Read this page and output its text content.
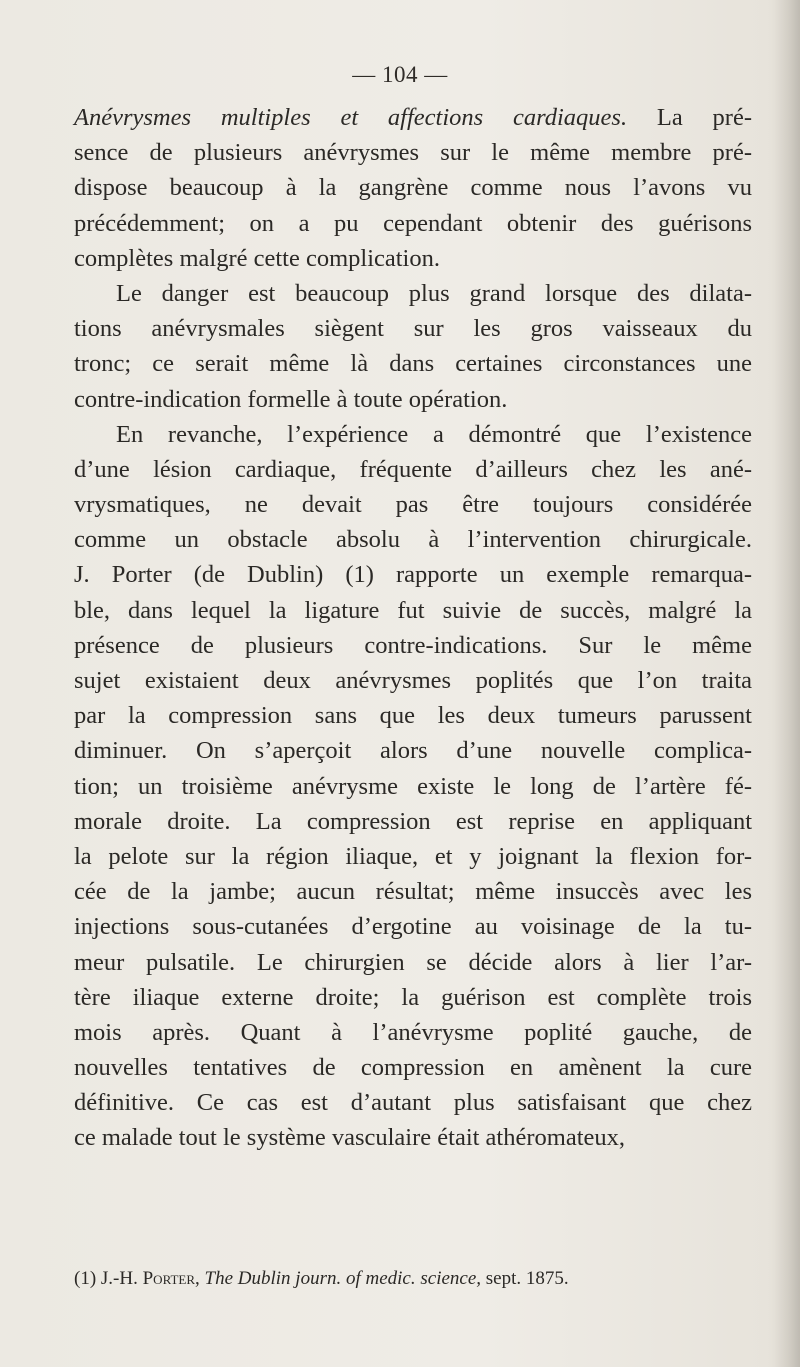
— 104 —
Anévrysmes multiples et affections cardiaques. La pré-
sence de plusieurs anévrysmes sur le même membre pré-
dispose beaucoup à la gangrène comme nous l’avons vu
précédemment; on a pu cependant obtenir des guérisons
complètes malgré cette complication.
Le danger est beaucoup plus grand lorsque des dilata-
tions anévrysmales siègent sur les gros vaisseaux du
tronc; ce serait même là dans certaines circonstances une
contre-indication formelle à toute opération.
En revanche, l’expérience a démontré que l’existence
d’une lésion cardiaque, fréquente d’ailleurs chez les ané-
vrysmatiques, ne devait pas être toujours considérée
comme un obstacle absolu à l’intervention chirurgicale.
J. Porter (de Dublin) (1) rapporte un exemple remarqua-
ble, dans lequel la ligature fut suivie de succès, malgré la
présence de plusieurs contre-indications. Sur le même
sujet existaient deux anévrysmes poplités que l’on traita
par la compression sans que les deux tumeurs parussent
diminuer. On s’aperçoit alors d’une nouvelle complica-
tion; un troisième anévrysme existe le long de l’artère fé-
morale droite. La compression est reprise en appliquant
la pelote sur la région iliaque, et y joignant la flexion for-
cée de la jambe; aucun résultat; même insuccès avec les
injections sous-cutanées d’ergotine au voisinage de la tu-
meur pulsatile. Le chirurgien se décide alors à lier l’ar-
tère iliaque externe droite; la guérison est complète trois
mois après. Quant à l’anévrysme poplité gauche, de
nouvelles tentatives de compression en amènent la cure
définitive. Ce cas est d’autant plus satisfaisant que chez
ce malade tout le système vasculaire était athéromateux,
(1) J.-H. Porter, The Dublin journ. of medic. science, sept. 1875.
